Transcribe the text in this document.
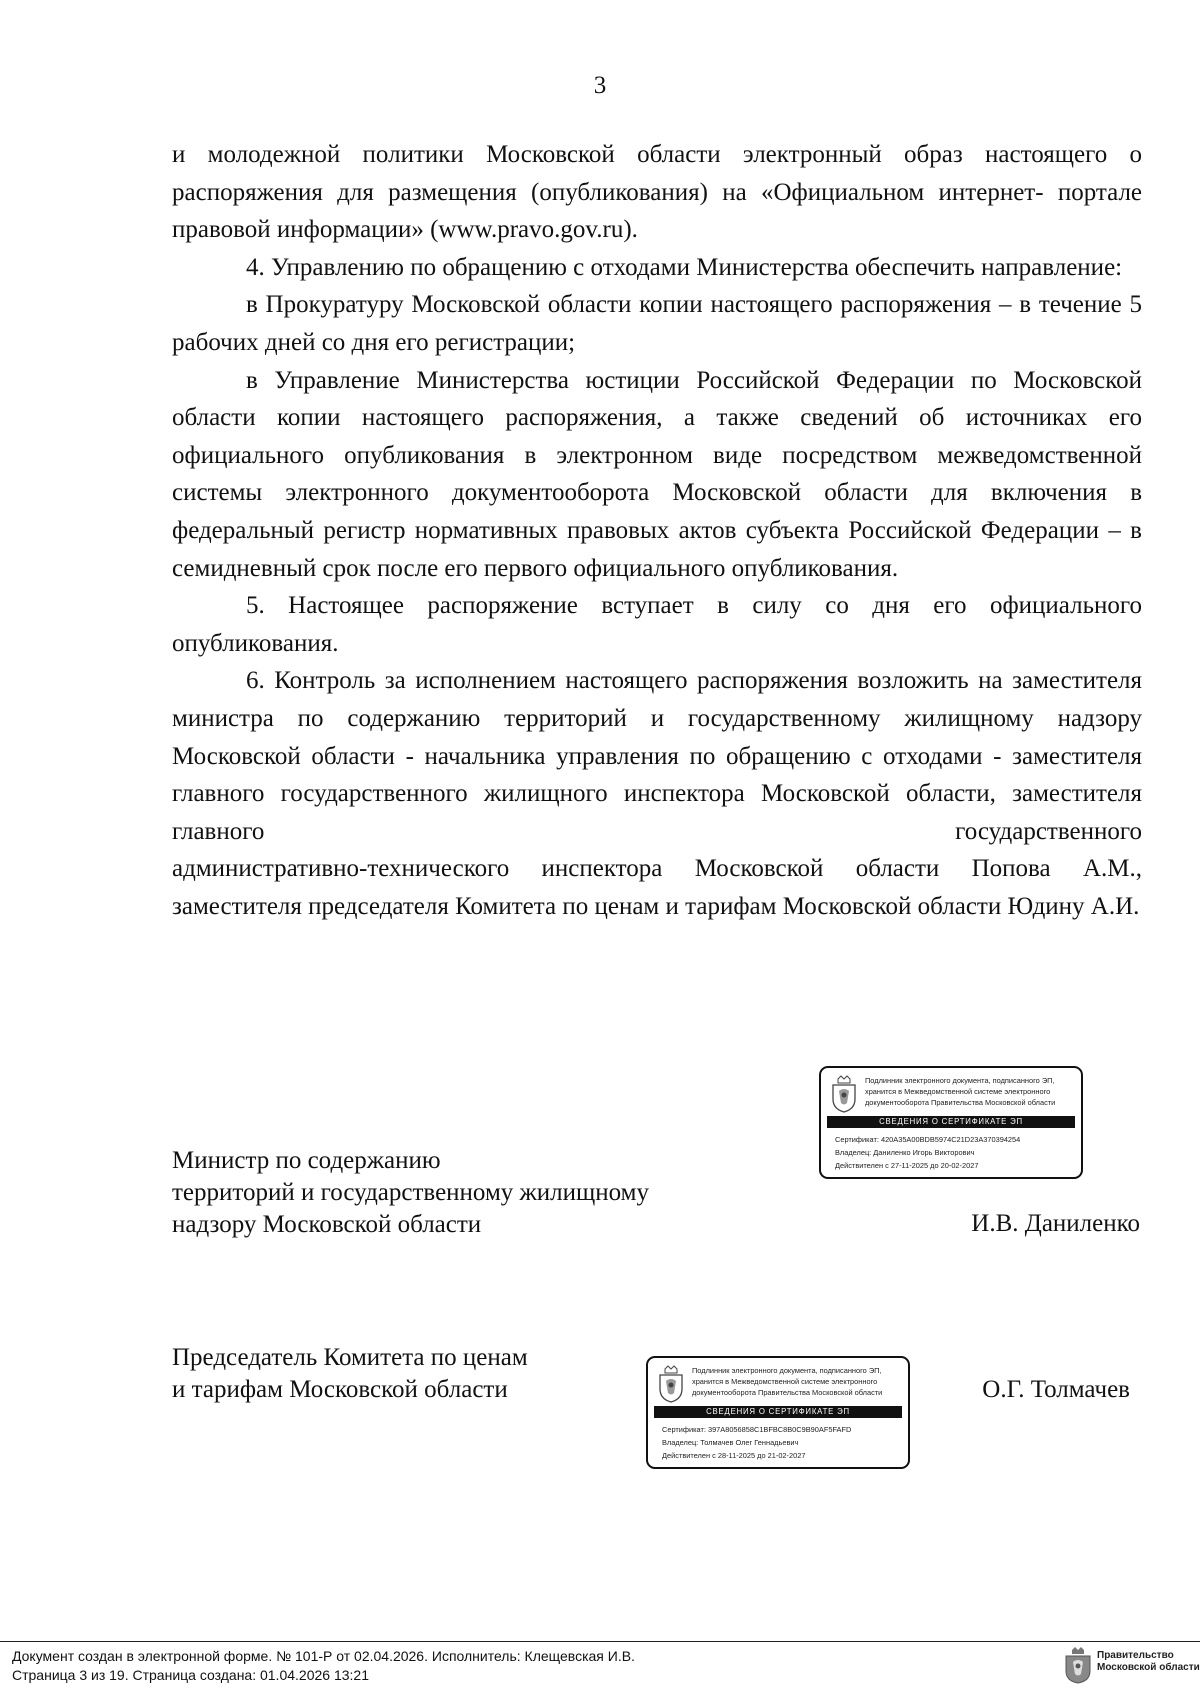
3

и молодежной политики Московской области электронный образ настоящего о распоряжения для размещения (опубликования) на «Официальном интернет- портале правовой информации» (www.pravo.gov.ru).

4. Управлению по обращению с отходами Министерства обеспечить направление:

в Прокуратуру Московской области копии настоящего распоряжения – в течение 5 рабочих дней со дня его регистрации;

в Управление Министерства юстиции Российской Федерации по Московской области копии настоящего распоряжения, а также сведений об источниках его официального опубликования в электронном виде посредством межведомственной системы электронного документооборота Московской области для включения в федеральный регистр нормативных правовых актов субъекта Российской Федерации – в семидневный срок после его первого официального опубликования.

5. Настоящее распоряжение вступает в силу со дня его официального опубликования.

6. Контроль за исполнением настоящего распоряжения возложить на заместителя министра по содержанию территорий и государственному жилищному надзору Московской области - начальника управления по обращению с отходами - заместителя главного государственного жилищного инспектора Московской области, заместителя главного государственного административно-технического инспектора Московской области Попова А.М., заместителя председателя Комитета по ценам и тарифам Московской области Юдину А.И.

Подлинник электронного документа, подписанного ЭП,
хранится в Межведомственной системе электронного
документооборота Правительства Московской области
СВЕДЕНИЯ О СЕРТИФИКАТЕ ЭП
Сертификат: 420A35A00BDB5974C21D23A370394254
Владелец: Даниленко Игорь Викторович
Действителен с 27-11-2025 до 20-02-2027
Министр по содержанию
территорий и государственному жилищному
надзору Московской области	И.В. Даниленко
Председатель Комитета по ценам
и тарифам Московской области
Подлинник электронного документа, подписанного ЭП,
хранится в Межведомственной системе электронного
документооборота Правительства Московской области
СВЕДЕНИЯ О СЕРТИФИКАТЕ ЭП
Сертификат: 397A8056858C1BFBC8B0C9B90AF5FAFD
Владелец: Толмачев Олег Геннадьевич
Действителен с 28-11-2025 до 21-02-2027
О.Г. Толмачев
Документ создан в электронной форме. № 101-Р от 02.04.2026. Исполнитель: Клещевская И.В.
Страница 3 из 19. Страница создана: 01.04.2026 13:21
Правительство
Московской области
